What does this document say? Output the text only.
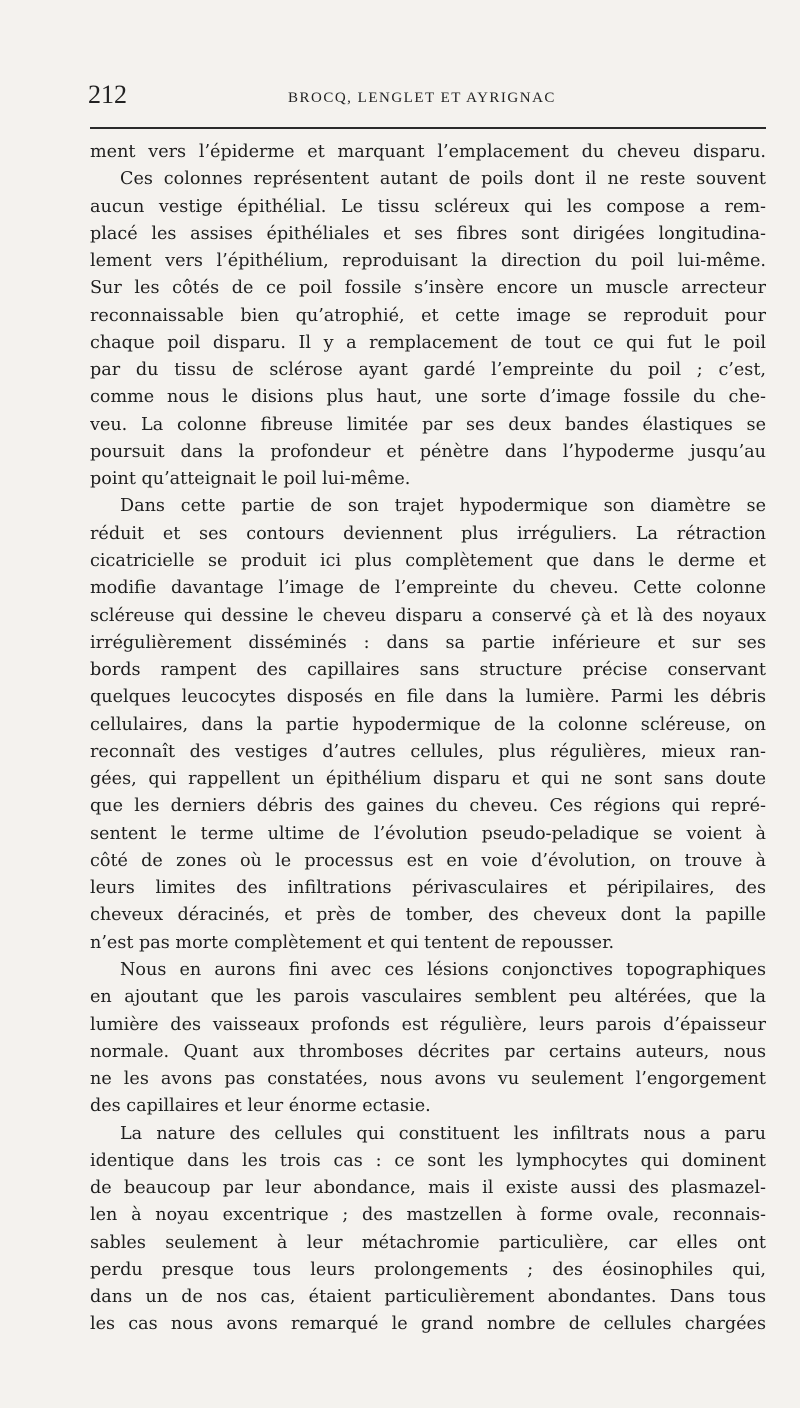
212	BROCQ, LENGLET ET AYRIGNAC
ment vers l’épiderme et marquant l’emplacement du cheveu disparu.
Ces colonnes représentent autant de poils dont il ne reste souvent
aucun vestige épithélial. Le tissu scléreux qui les compose a rem-
placé les assises épithéliales et ses fibres sont dirigées longitudina-
lement vers l’épithélium, reproduisant la direction du poil lui-même.
Sur les côtés de ce poil fossile s’insère encore un muscle arrecteur
reconnaissable bien qu’atrophié, et cette image se reproduit pour
chaque poil disparu. Il y a remplacement de tout ce qui fut le poil
par du tissu de sclérose ayant gardé l’empreinte du poil ; c’est,
comme nous le disions plus haut, une sorte d’image fossile du che-
veu. La colonne fibreuse limitée par ses deux bandes élastiques se
poursuit dans la profondeur et pénètre dans l’hypoderme jusqu’au
point qu’atteignait le poil lui-même.
Dans cette partie de son trajet hypodermique son diamètre se
réduit et ses contours deviennent plus irréguliers. La rétraction
cicatricielle se produit ici plus complètement que dans le derme et
modifie davantage l’image de l’empreinte du cheveu. Cette colonne
scléreuse qui dessine le cheveu disparu a conservé çà et là des noyaux
irrégulièrement disséminés : dans sa partie inférieure et sur ses
bords rampent des capillaires sans structure précise conservant
quelques leucocytes disposés en file dans la lumière. Parmi les débris
cellulaires, dans la partie hypodermique de la colonne scléreuse, on
reconnaît des vestiges d’autres cellules, plus régulières, mieux ran-
gées, qui rappellent un épithélium disparu et qui ne sont sans doute
que les derniers débris des gaines du cheveu. Ces régions qui repré-
sentent le terme ultime de l’évolution pseudo-peladique se voient à
côté de zones où le processus est en voie d’évolution, on trouve à
leurs limites des infiltrations périvasculaires et péripilaires, des
cheveux déracinés, et près de tomber, des cheveux dont la papille
n’est pas morte complètement et qui tentent de repousser.
Nous en aurons fini avec ces lésions conjonctives topographiques
en ajoutant que les parois vasculaires semblent peu altérées, que la
lumière des vaisseaux profonds est régulière, leurs parois d’épaisseur
normale. Quant aux thromboses décrites par certains auteurs, nous
ne les avons pas constatées, nous avons vu seulement l’engorgement
des capillaires et leur énorme ectasie.
La nature des cellules qui constituent les infiltrats nous a paru
identique dans les trois cas : ce sont les lymphocytes qui dominent
de beaucoup par leur abondance, mais il existe aussi des plasmazel-
len à noyau excentrique ; des mastzellen à forme ovale, reconnais-
sables seulement à leur métachromie particulière, car elles ont
perdu presque tous leurs prolongements ; des éosinophiles qui,
dans un de nos cas, étaient particulièrement abondantes. Dans tous
les cas nous avons remarqué le grand nombre de cellules chargées
